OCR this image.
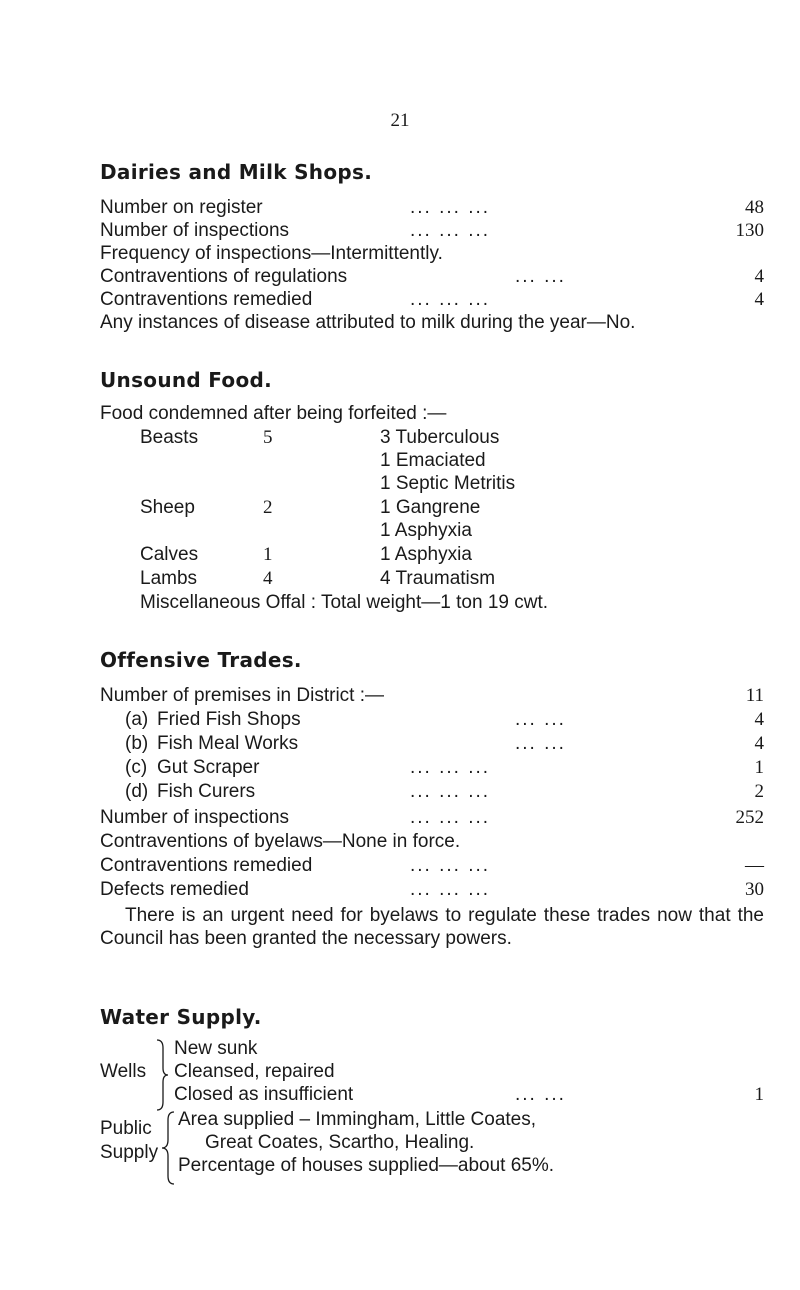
21
Dairies and Milk Shops.
Number on register	... ... ...	48
Number of inspections	... ... ...	130
Frequency of inspections—Intermittently.
Contraventions of regulations	... ...	4
Contraventions remedied	... ... ...	4
Any instances of disease attributed to milk during the year—No.
Unsound Food.
Food condemned after being forfeited :—
Beasts	5	3 Tuberculous
1 Emaciated
1 Septic Metritis
Sheep	2	1 Gangrene
1 Asphyxia
Calves	1	1 Asphyxia
Lambs	4	4 Traumatism
Miscellaneous Offal : Total weight—1 ton 19 cwt.
Offensive Trades.
Number of premises in District :—	11
(a) Fried Fish Shops	... ...	4
(b) Fish Meal Works	... ...	4
(c) Gut Scraper	... ... ...	1
(d) Fish Curers	... ... ...	2
Number of inspections	... ... ...	252
Contraventions of byelaws—None in force.
Contraventions remedied	... ... ...	—
Defects remedied	... ... ...	30
There is an urgent need for byelaws to regulate these trades now that the Council has been granted the necessary powers.
Water Supply.
Wells
New sunk
Cleansed, repaired
Closed as insufficient	... ...	1
Public
Supply
Area supplied – Immingham, Little Coates,
Great Coates, Scartho, Healing.
Percentage of houses supplied—about 65%.
